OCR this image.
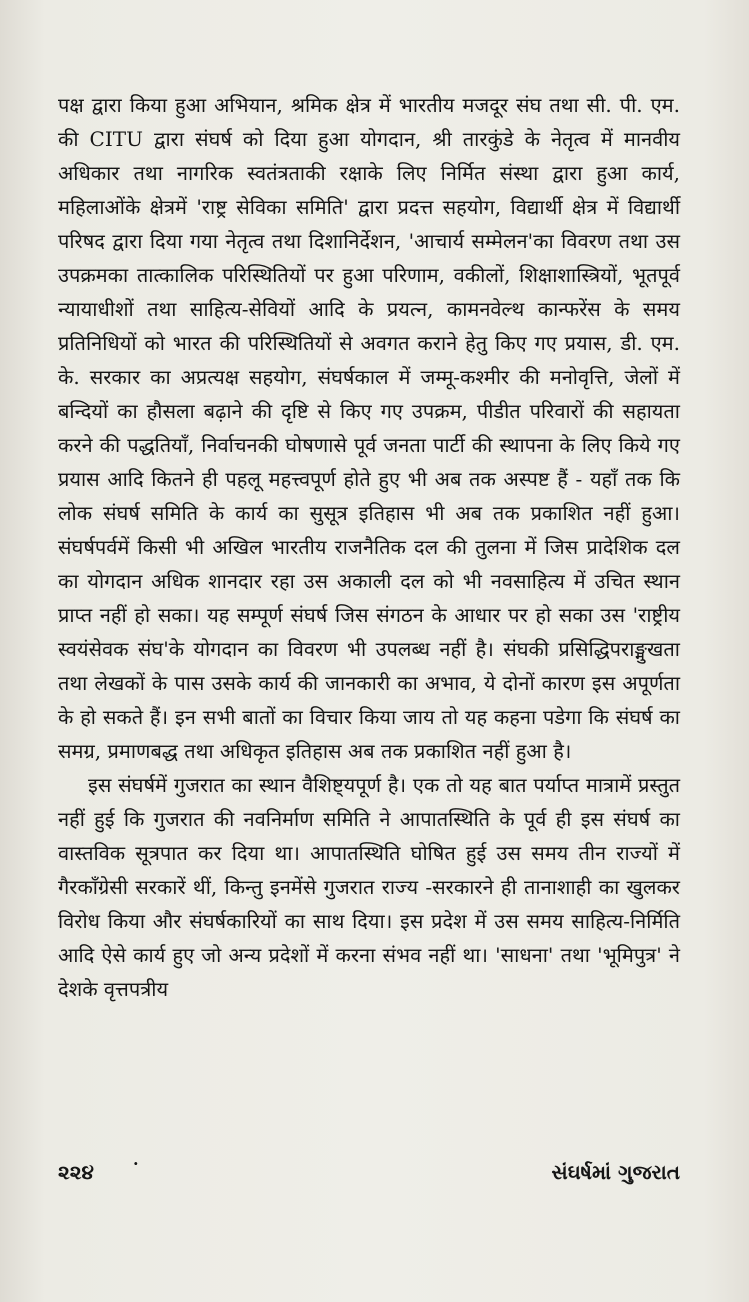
पक्ष द्वारा किया हुआ अभियान, श्रमिक क्षेत्र में भारतीय मजदूर संघ तथा सी. पी. एम. की CITU द्वारा संघर्ष को दिया हुआ योगदान, श्री तारकुंडे के नेतृत्व में मानवीय अधिकार तथा नागरिक स्वतंत्रताकी रक्षाके लिए निर्मित संस्था द्वारा हुआ कार्य, महिलाओंके क्षेत्रमें 'राष्ट्र सेविका समिति' द्वारा प्रदत्त सहयोग, विद्यार्थी क्षेत्र में विद्यार्थी परिषद द्वारा दिया गया नेतृत्व तथा दिशानिर्देशन, 'आचार्य सम्मेलन'का विवरण तथा उस उपक्रमका तात्कालिक परिस्थितियों पर हुआ परिणाम, वकीलों, शिक्षाशास्त्रियों, भूतपूर्व न्यायाधीशों तथा साहित्य-सेवियों आदि के प्रयत्न, कामनवेल्थ कान्फरेंस के समय प्रतिनिधियों को भारत की परिस्थितियों से अवगत कराने हेतु किए गए प्रयास, डी. एम. के. सरकार का अप्रत्यक्ष सहयोग, संघर्षकाल में जम्मू-कश्मीर की मनोवृत्ति, जेलों में बन्दियों का हौसला बढ़ाने की दृष्टि से किए गए उपक्रम, पीडीत परिवारों की सहायता करने की पद्धतियाँ, निर्वाचनकी घोषणासे पूर्व जनता पार्टी की स्थापना के लिए किये गए प्रयास आदि कितने ही पहलू महत्त्वपूर्ण होते हुए भी अब तक अस्पष्ट हैं - यहाँ तक कि लोक संघर्ष समिति के कार्य का सुसूत्र इतिहास भी अब तक प्रकाशित नहीं हुआ। संघर्षपर्वमें किसी भी अखिल भारतीय राजनैतिक दल की तुलना में जिस प्रादेशिक दल का योगदान अधिक शानदार रहा उस अकाली दल को भी नवसाहित्य में उचित स्थान प्राप्त नहीं हो सका। यह सम्पूर्ण संघर्ष जिस संगठन के आधार पर हो सका उस 'राष्ट्रीय स्वयंसेवक संघ'के योगदान का विवरण भी उपलब्ध नहीं है। संघकी प्रसिद्धिपराङ्मुखता तथा लेखकों के पास उसके कार्य की जानकारी का अभाव, ये दोनों कारण इस अपूर्णता के हो सकते हैं। इन सभी बातों का विचार किया जाय तो यह कहना पडेगा कि संघर्ष का समग्र, प्रमाणबद्ध तथा अधिकृत इतिहास अब तक प्रकाशित नहीं हुआ है।

इस संघर्षमें गुजरात का स्थान वैशिष्ट्यपूर्ण है। एक तो यह बात पर्याप्त मात्रामें प्रस्तुत नहीं हुई कि गुजरात की नवनिर्माण समिति ने आपातस्थिति के पूर्व ही इस संघर्ष का वास्तविक सूत्रपात कर दिया था। आपातस्थिति घोषित हुई उस समय तीन राज्यों में गैरकाँग्रेसी सरकारें थीं, किन्तु इनमेंसे गुजरात राज्य -सरकारने ही तानाशाही का खुलकर विरोध किया और संघर्षकारियों का साथ दिया। इस प्रदेश में उस समय साहित्य-निर्मिति आदि ऐसे कार्य हुए जो अन्य प्रदेशों में करना संभव नहीं था। 'साधना' तथा 'भूमिपुत्र' ने देशके वृत्तपत्रीय

૨૨૪ ·	સંઘર્ષમાં ગુજરાત
